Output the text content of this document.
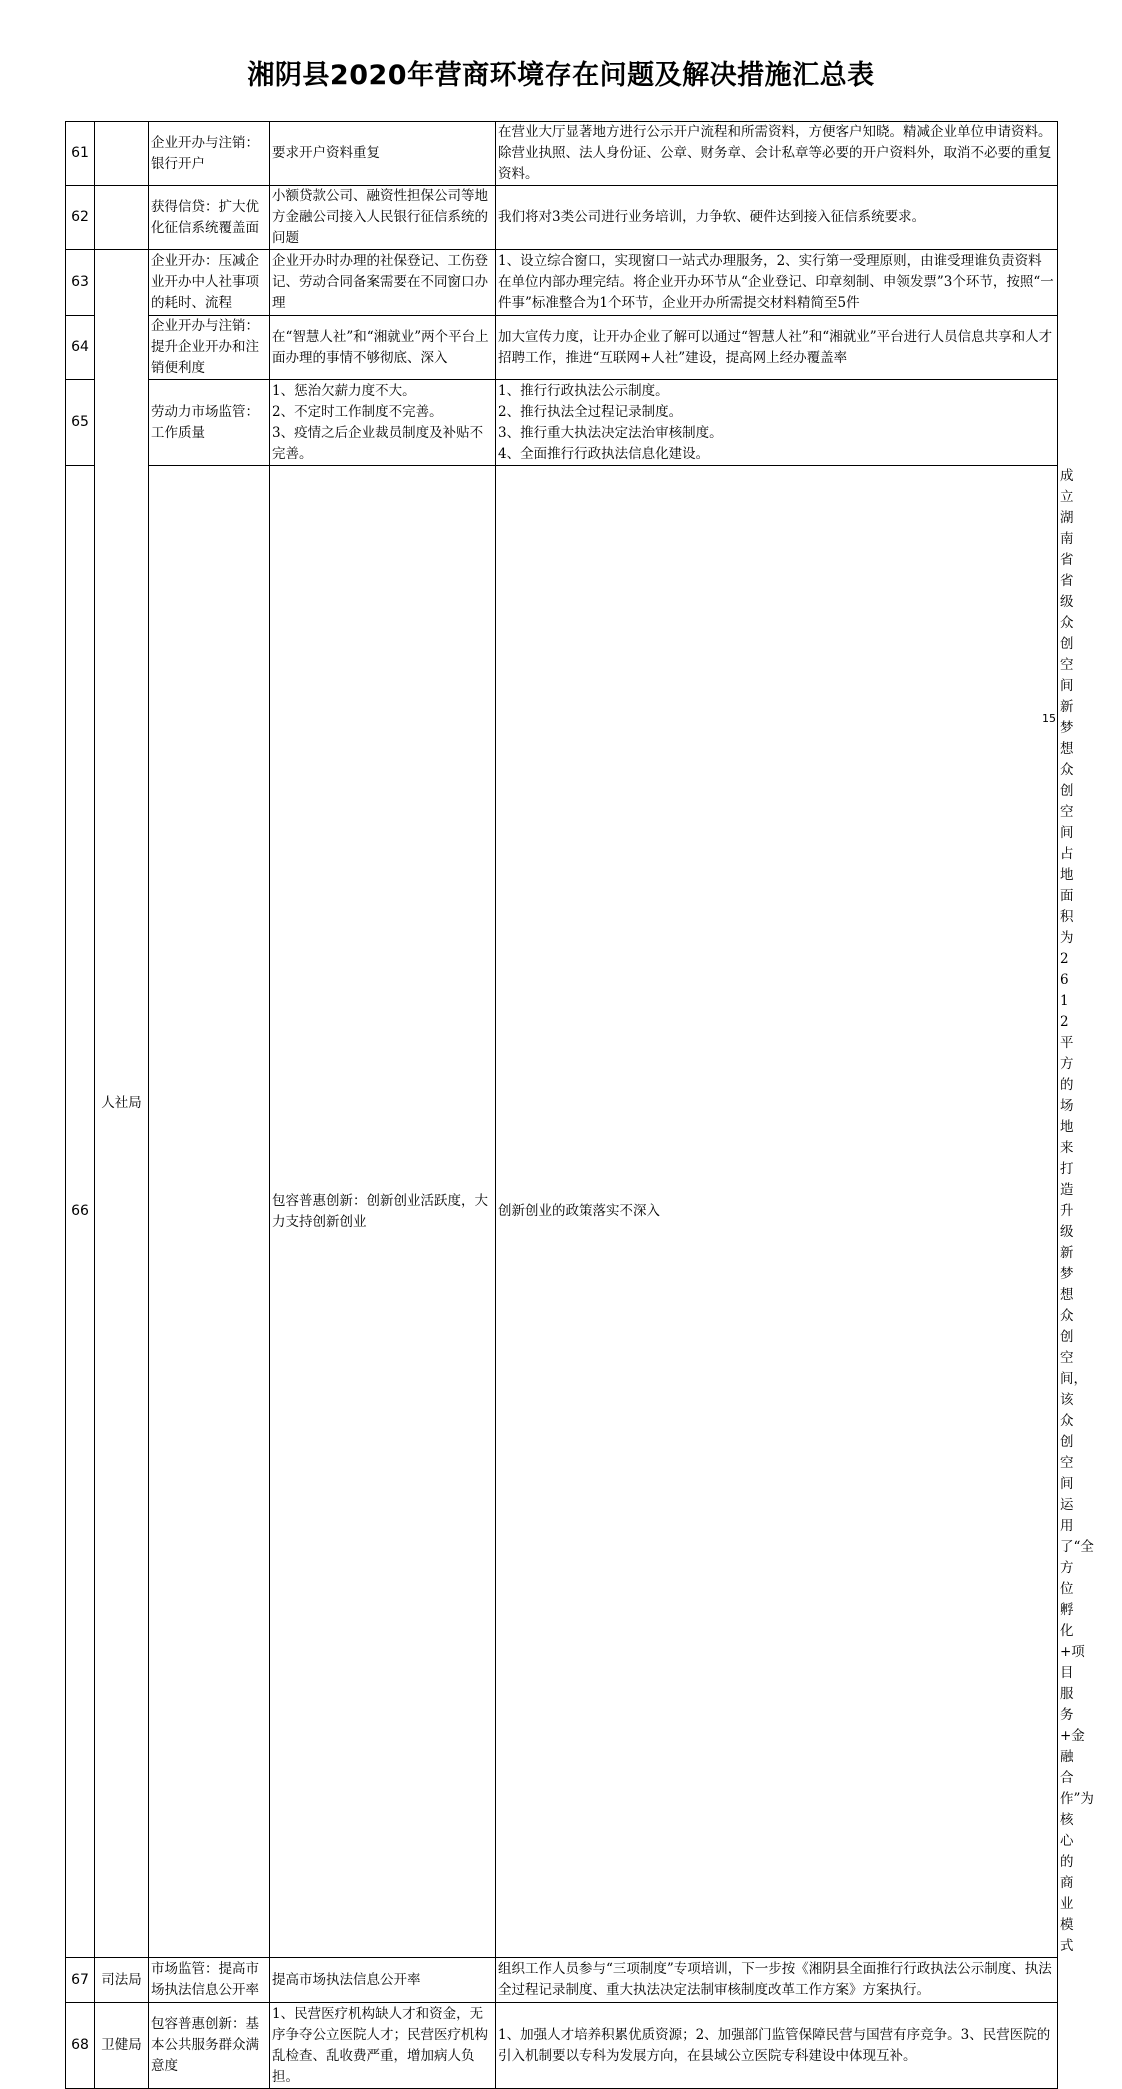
湘阴县2020年营商环境存在问题及解决措施汇总表
61		企业开办与注销：银行开户	要求开户资料重复	在营业大厅显著地方进行公示开户流程和所需资料，方便客户知晓。精减企业单位申请资料。除营业执照、法人身份证、公章、财务章、会计私章等必要的开户资料外，取消不必要的重复资料。	
62		获得信贷：扩大优化征信系统覆盖面	小额贷款公司、融资性担保公司等地方金融公司接入人民银行征信系统的问题	我们将对3类公司进行业务培训，力争软、硬件达到接入征信系统要求。	
63	人社局	企业开办：压减企业开办中人社事项的耗时、流程	企业开办时办理的社保登记、工伤登记、劳动合同备案需要在不同窗口办理	1、设立综合窗口，实现窗口一站式办理服务，2、实行第一受理原则，由谁受理谁负责资料在单位内部办理完结。将企业开办环节从“企业登记、印章刻制、申领发票”3个环节，按照“一件事”标准整合为1个环节，企业开办所需提交材料精简至5件	
64		企业开办与注销：提升企业开办和注销便利度	在“智慧人社”和“湘就业”两个平台上面办理的事情不够彻底、深入	加大宣传力度，让开办企业了解可以通过“智慧人社”和“湘就业”平台进行人员信息共享和人才招聘工作，推进“互联网+人社”建设，提高网上经办覆盖率	
65		劳动力市场监管：工作质量	1、惩治欠薪力度不大。
2、不定时工作制度不完善。
3、疫情之后企业裁员制度及补贴不完善。	1、推行行政执法公示制度。
2、推行执法全过程记录制度。
3、推行重大执法决定法治审核制度。
4、全面推行行政执法信息化建设。	
66			包容普惠创新：创新创业活跃度，大力支持创新创业	创新创业的政策落实不深入	成立湖南省省级众创空间新梦想众创空间占地面积为2612平方的场地来打造升级新梦想众创空间，该众创空间运用了“全方位孵化+项目服务+金融合作”为核心的商业模式
67	司法局	市场监管：提高市场执法信息公开率	提高市场执法信息公开率	组织工作人员参与“三项制度”专项培训，下一步按《湘阴县全面推行行政执法公示制度、执法全过程记录制度、重大执法决定法制审核制度改革工作方案》方案执行。	
68	卫健局	包容普惠创新：基本公共服务群众满意度	1、民营医疗机构缺人才和资金，无序争夺公立医院人才；民营医疗机构乱检查、乱收费严重，增加病人负担。	1、加强人才培养积累优质资源；2、加强部门监管保障民营与国营有序竞争。3、民营医院的引入机制要以专科为发展方向，在县域公立医院专科建设中体现互补。	
15
